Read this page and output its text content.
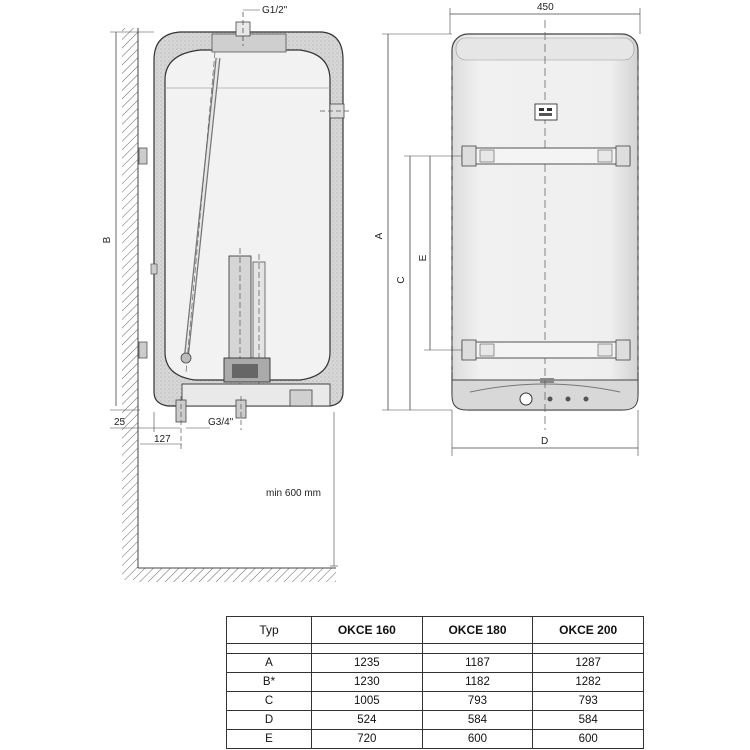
B
G1/2"
25
127
G3/4"
min 600 mm
450
A
C
E
D
Typ	OKCE 160	OKCE 180	OKCE 200

A	1235	1187	1287
B*	1230	1182	1282
C	1005	793	793
D	524	584	584
E	720	600	600
